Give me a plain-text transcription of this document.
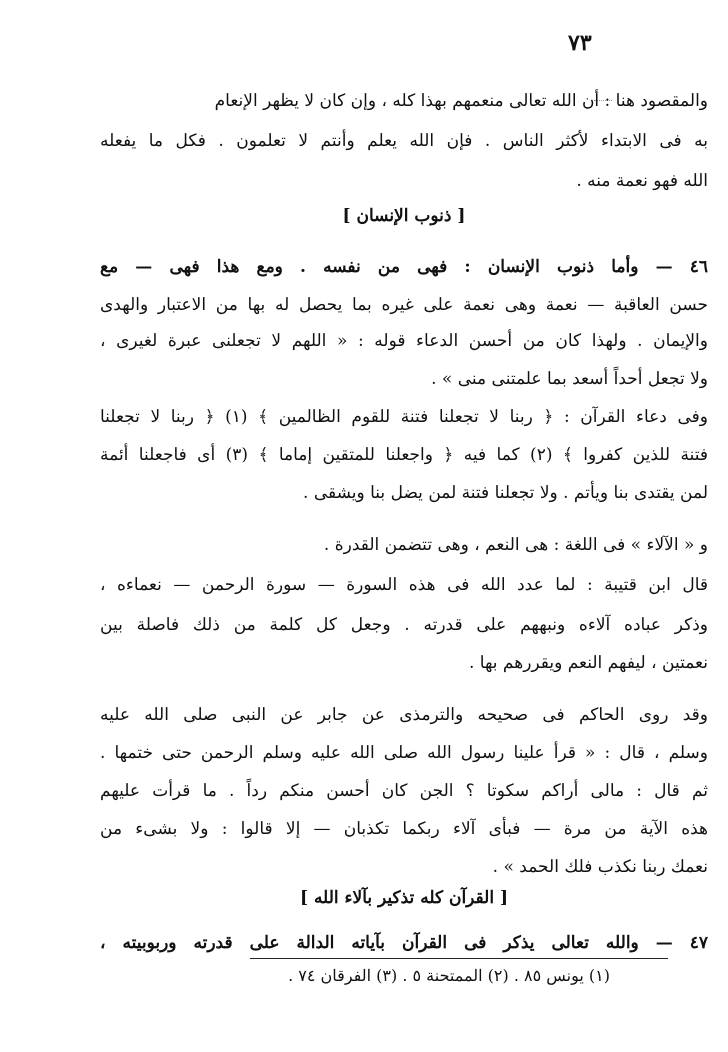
٧٣
والمقصود هنا : أن الله تعالى منعمهم بهذا كله ، وإن كان لا يظهر الإنعام
به فى الابتداء لأكثر الناس . فإن الله يعلم وأنتم لا تعلمون . فكل ما يفعله
الله فهو نعمة منه .
[ ذنوب الإنسان ]
٤٦ — وأما ذنوب الإنسان : فهى من نفسه . ومع هذا فهى — مع
حسن العاقبة — نعمة وهى نعمة على غيره بما يحصل له بها من الاعتبار والهدى
والإيمان . ولهذا كان من أحسن الدعاء قوله : « اللهم لا تجعلنى عبرة لغيرى ،
ولا تجعل أحداً أسعد بما علمتنى منى » .
وفى دعاء القرآن : ﴿ ربنا لا تجعلنا فتنة للقوم الظالمين ﴾ (١) ﴿ ربنا لا تجعلنا
فتنة للذين كفروا ﴾ (٢) كما فيه ﴿ واجعلنا للمتقين إماما ﴾ (٣) أى فاجعلنا أئمة
لمن يقتدى بنا ويأتم . ولا تجعلنا فتنة لمن يضل بنا ويشقى .
و « الآلاء » فى اللغة : هى النعم ، وهى تتضمن القدرة .
قال ابن قتيبة : لما عدد الله فى هذه السورة — سورة الرحمن — نعماءه ،
وذكر عباده آلاءه ونبههم على قدرته . وجعل كل كلمة من ذلك فاصلة بين
نعمتين ، ليفهم النعم ويقررهم بها .
وقد روى الحاكم فى صحيحه والترمذى عن جابر عن النبى صلى الله عليه
وسلم ، قال : « قرأ علينا رسول الله صلى الله عليه وسلم الرحمن حتى ختمها .
ثم قال : مالى أراكم سكوتا ؟ الجن كان أحسن منكم رداً . ما قرأت عليهم
هذه الآية من مرة — فبأى آلاء ربكما تكذبان — إلا قالوا : ولا بشىء من
نعمك ربنا نكذب فلك الحمد » .
[ القرآن كله تذكير بآلاء الله ]
٤٧ — والله تعالى يذكر فى القرآن بآياته الدالة على قدرته وربوبيته ،
(١) يونس ٨٥ . (٢) الممتحنة ٥ . (٣) الفرقان ٧٤ .
